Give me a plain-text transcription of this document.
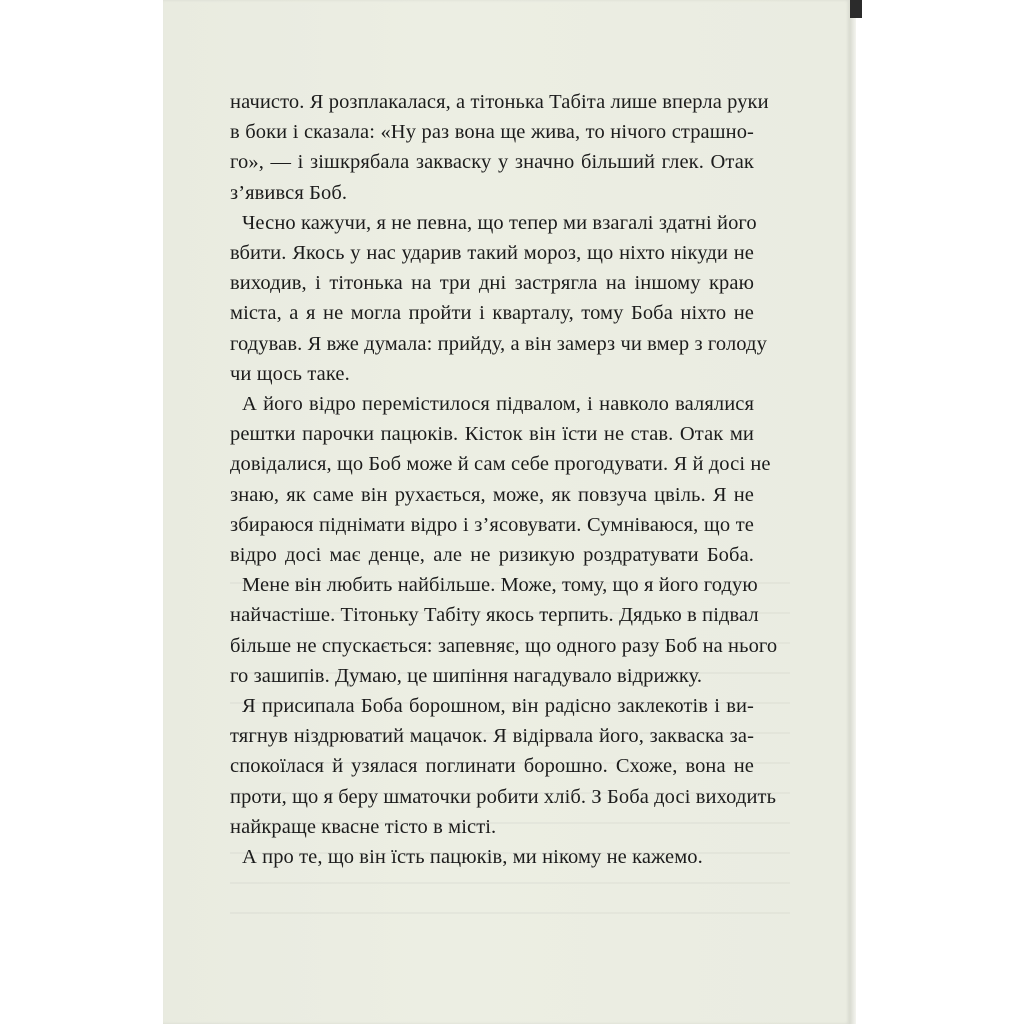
начисто. Я розплакалася, а тітонька Табіта лише вперла руки
в боки і сказала: «Ну раз вона ще жива, то нічого страшно-
го», — і зішкрябала закваску у значно більший глек. Отак
з’явився Боб.

Чесно кажучи, я не певна, що тепер ми взагалі здатні його
вбити. Якось у нас ударив такий мороз, що ніхто нікуди не
виходив, і тітонька на три дні застрягла на іншому краю
міста, а я не могла пройти і кварталу, тому Боба ніхто не
годував. Я вже думала: прийду, а він замерз чи вмер з голоду
чи щось таке.

А його відро перемістилося підвалом, і навколо валялися
рештки парочки пацюків. Кісток він їсти не став. Отак ми
довідалися, що Боб може й сам себе прогодувати. Я й досі не
знаю, як саме він рухається, може, як повзуча цвіль. Я не
збираюся піднімати відро і з’ясовувати. Сумніваюся, що те
відро досі має денце, але не ризикую роздратувати Боба.

Мене він любить найбільше. Може, тому, що я його годую
найчастіше. Тітоньку Табіту якось терпить. Дядько в підвал
більше не спускається: запевняє, що одного разу Боб на нього
го зашипів. Думаю, це шипіння нагадувало відрижку.

Я присипала Боба борошном, він радісно заклекотів і ви-
тягнув ніздрюватий мацачок. Я відірвала його, закваска за-
спокоїлася й узялася поглинати борошно. Схоже, вона не
проти, що я беру шматочки робити хліб. З Боба досі виходить
найкраще квасне тісто в місті.

А про те, що він їсть пацюків, ми нікому не кажемо.
